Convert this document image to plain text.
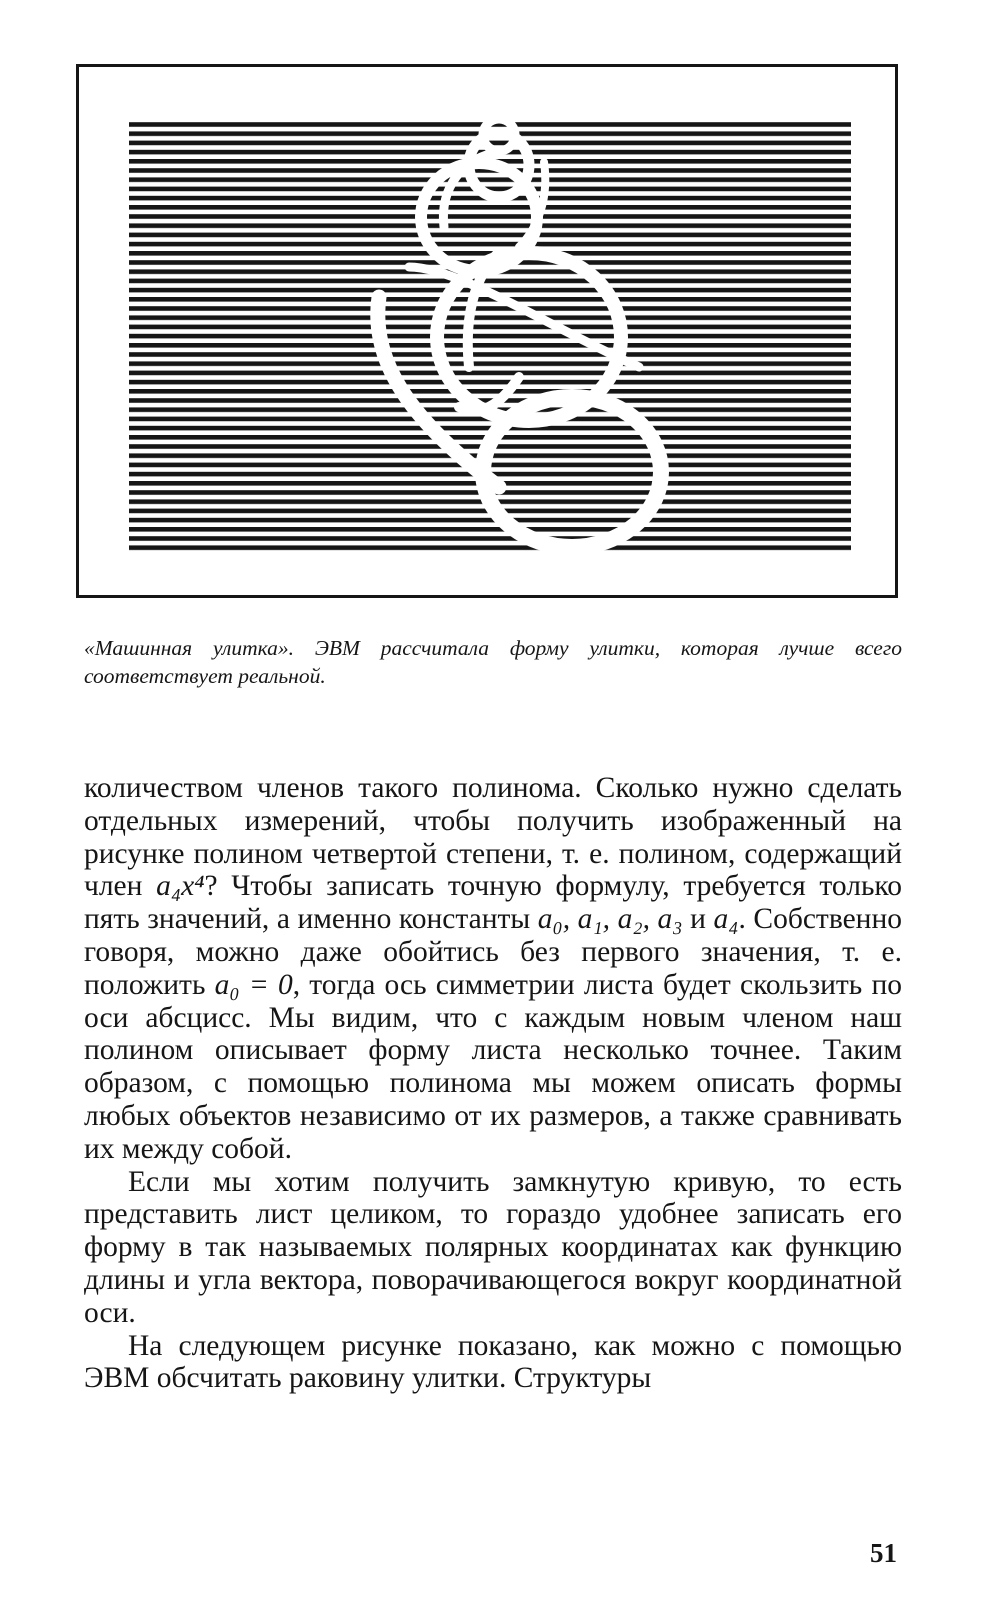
«Машинная улитка». ЭВМ рассчитала форму улитки, которая лучше всего соответствует реальной.

количеством членов такого полинома. Сколько нужно сделать отдельных измерений, чтобы получить изображенный на рисунке полином четвертой степени, т. е. полином, содержащий член a₄x⁴? Чтобы записать точную формулу, требуется только пять значений, а именно константы a₀, a₁, a₂, a₃ и a₄. Собственно говоря, можно даже обойтись без первого значения, т. е. положить a₀ = 0, тогда ось симметрии листа будет скользить по оси абсцисс. Мы видим, что с каждым новым членом наш полином описывает форму листа несколько точнее. Таким образом, с помощью полинома мы можем описать формы любых объектов независимо от их размеров, а также сравнивать их между собой.

Если мы хотим получить замкнутую кривую, то есть представить лист целиком, то гораздо удобнее записать его форму в так называемых полярных координатах как функцию длины и угла вектора, поворачивающегося вокруг координатной оси.

На следующем рисунке показано, как можно с помощью ЭВМ обсчитать раковину улитки. Структуры

51
